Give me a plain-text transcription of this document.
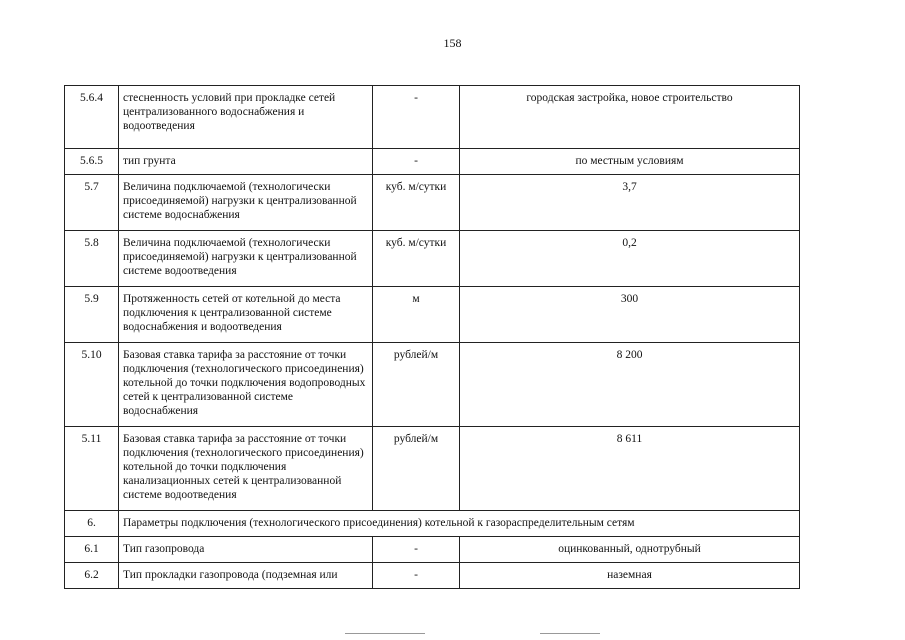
158
5.6.4	стесненность условий при прокладке сетей централизованного водоснабжения и водоотведения	-	городская застройка, новое строительство
5.6.5	тип грунта	-	по местным условиям
5.7	Величина подключаемой (технологически присоединяемой) нагрузки к централизованной системе водоснабжения	куб. м/сутки	3,7
5.8	Величина подключаемой (технологически присоединяемой) нагрузки к централизованной системе водоотведения	куб. м/сутки	0,2
5.9	Протяженность сетей от котельной до места подключения к централизованной системе водоснабжения и водоотведения	м	300
5.10	Базовая ставка тарифа за расстояние от точки подключения (технологического присоединения) котельной до точки подключения водопроводных сетей к централизованной системе водоснабжения	рублей/м	8 200
5.11	Базовая ставка тарифа за расстояние от точки подключения (технологического присоединения) котельной до точки подключения канализационных сетей к централизованной системе водоотведения	рублей/м	8 611
6.	Параметры подключения (технологического присоединения) котельной к газораспределительным сетям		
6.1	Тип газопровода	-	оцинкованный, однотрубный
6.2	Тип прокладки газопровода (подземная или	-	наземная
